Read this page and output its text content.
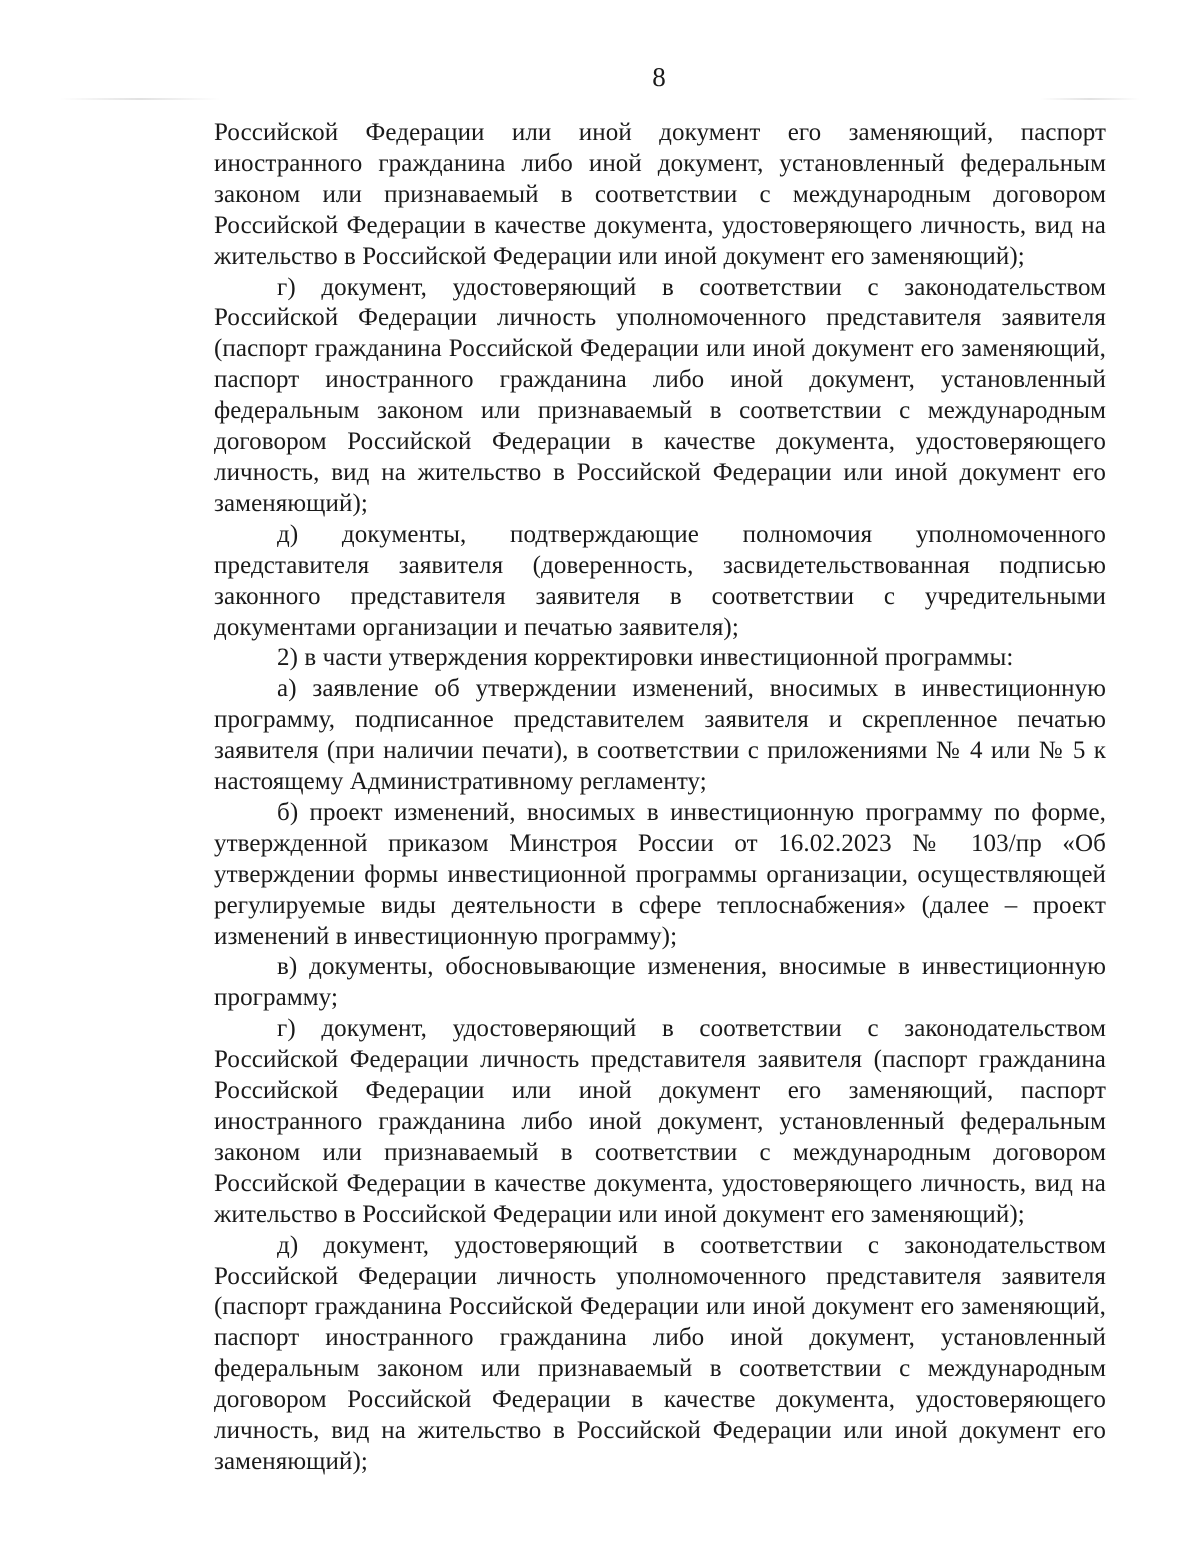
8

Российской Федерации или иной документ его заменяющий, паспорт иностранного гражданина либо иной документ, установленный федеральным законом или признаваемый в соответствии с международным договором Российской Федерации в качестве документа, удостоверяющего личность, вид на жительство в Российской Федерации или иной документ его заменяющий);

г) документ, удостоверяющий в соответствии с законодательством Российской Федерации личность уполномоченного представителя заявителя (паспорт гражданина Российской Федерации или иной документ его заменяющий, паспорт иностранного гражданина либо иной документ, установленный федеральным законом или признаваемый в соответствии с международным договором Российской Федерации в качестве документа, удостоверяющего личность, вид на жительство в Российской Федерации или иной документ его заменяющий);

д) документы, подтверждающие полномочия уполномоченного представителя заявителя (доверенность, засвидетельствованная подписью законного представителя заявителя в соответствии с учредительными документами организации и печатью заявителя);

2) в части утверждения корректировки инвестиционной программы:

а) заявление об утверждении изменений, вносимых в инвестиционную программу, подписанное представителем заявителя и скрепленное печатью заявителя (при наличии печати), в соответствии с приложениями № 4 или № 5 к настоящему Административному регламенту;

б) проект изменений, вносимых в инвестиционную программу по форме, утвержденной приказом Минстроя России от 16.02.2023 № 103/пр «Об утверждении формы инвестиционной программы организации, осуществляющей регулируемые виды деятельности в сфере теплоснабжения» (далее – проект изменений в инвестиционную программу);

в) документы, обосновывающие изменения, вносимые в инвестиционную программу;

г) документ, удостоверяющий в соответствии с законодательством Российской Федерации личность представителя заявителя (паспорт гражданина Российской Федерации или иной документ его заменяющий, паспорт иностранного гражданина либо иной документ, установленный федеральным законом или признаваемый в соответствии с международным договором Российской Федерации в качестве документа, удостоверяющего личность, вид на жительство в Российской Федерации или иной документ его заменяющий);

д) документ, удостоверяющий в соответствии с законодательством Российской Федерации личность уполномоченного представителя заявителя (паспорт гражданина Российской Федерации или иной документ его заменяющий, паспорт иностранного гражданина либо иной документ, установленный федеральным законом или признаваемый в соответствии с международным договором Российской Федерации в качестве документа, удостоверяющего личность, вид на жительство в Российской Федерации или иной документ его заменяющий);
